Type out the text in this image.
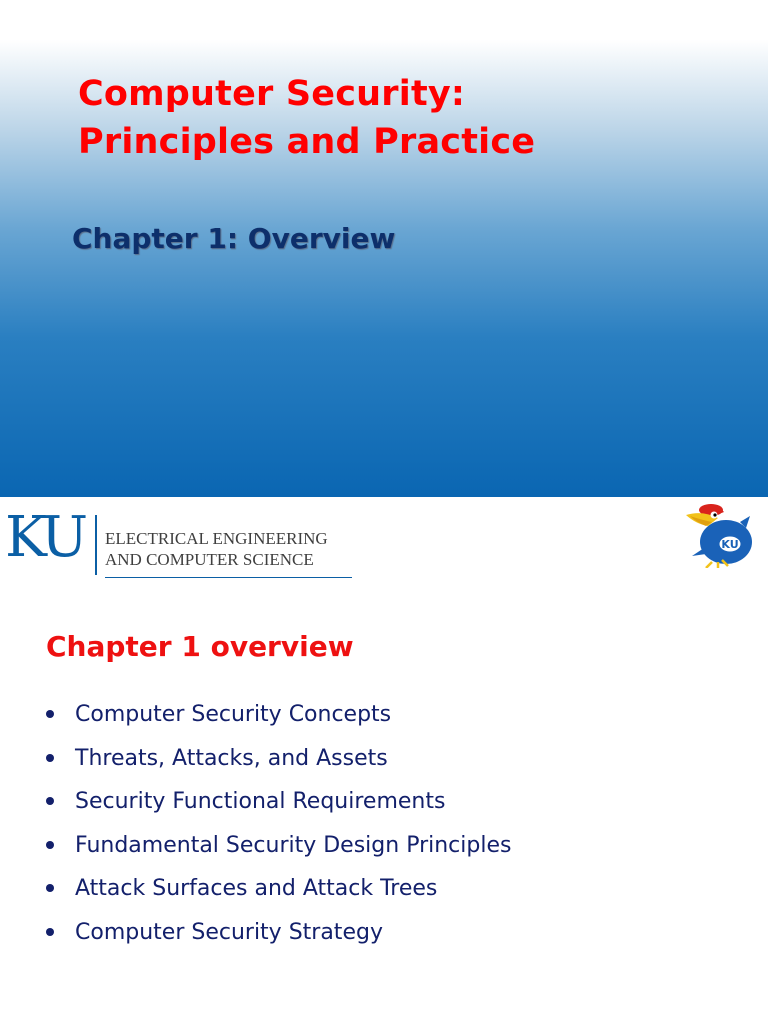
Computer Security:
Principles and Practice
Chapter 1: Overview
KU ELECTRICAL ENGINEERING
AND COMPUTER SCIENCE
KU
Chapter 1 overview
Computer Security Concepts
Threats, Attacks, and Assets
Security Functional Requirements
Fundamental Security Design Principles
Attack Surfaces and Attack Trees
Computer Security Strategy
